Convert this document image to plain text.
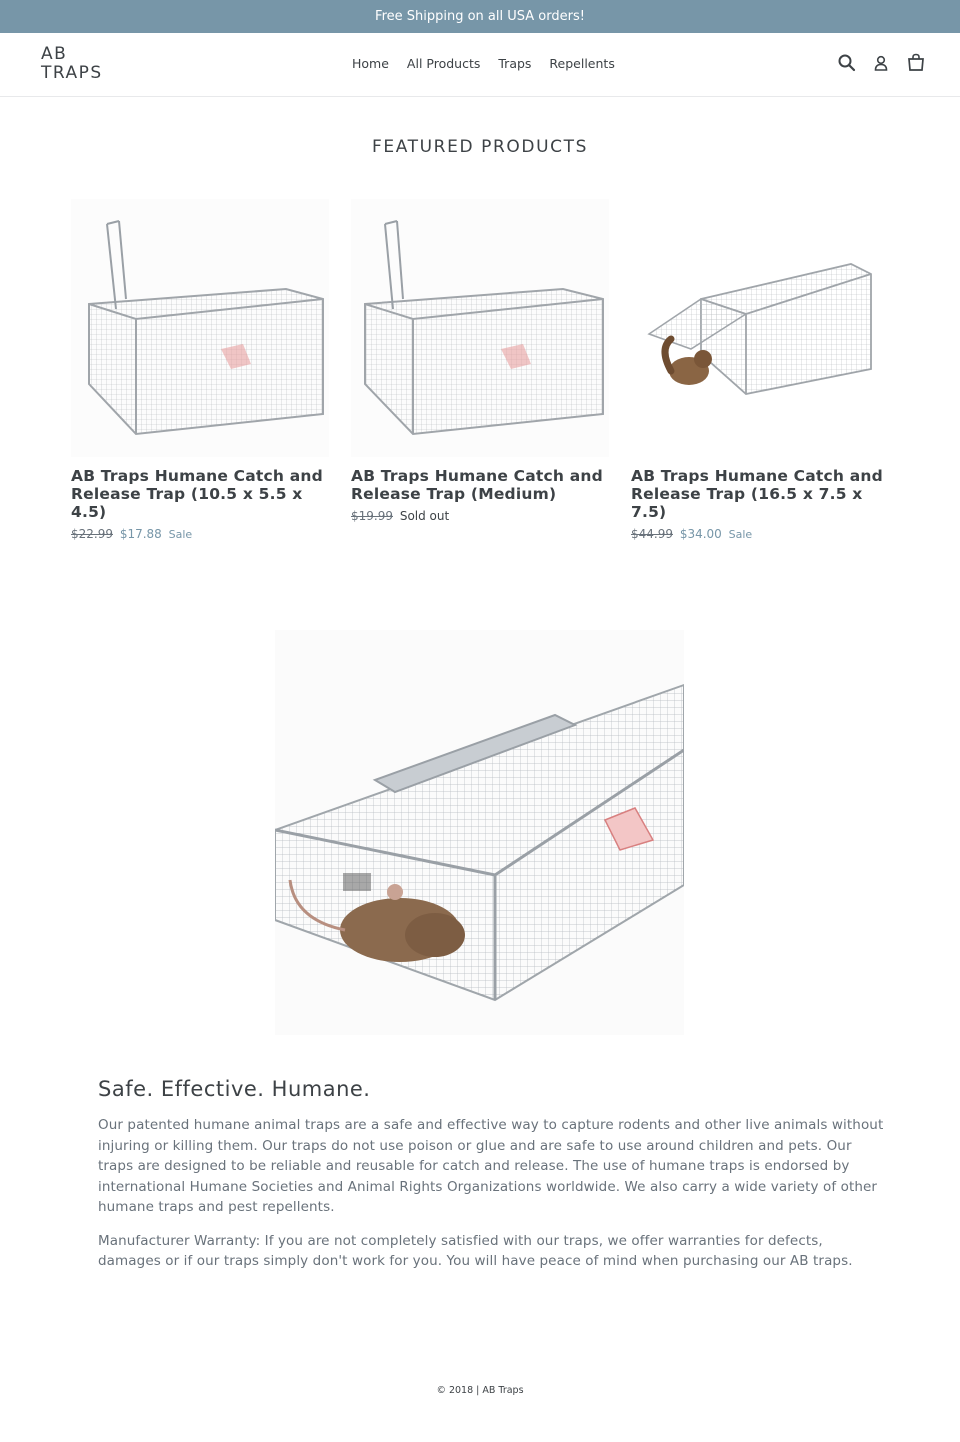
Free Shipping on all USA orders!
AB TRAPS	Home	All Products	Traps	Repellents
FEATURED PRODUCTS
AB Traps Humane Catch and Release Trap (10.5 x 5.5 x 4.5)
$22.99 $17.88 Sale
AB Traps Humane Catch and Release Trap (Medium)
$19.99 Sold out
AB Traps Humane Catch and Release Trap (16.5 x 7.5 x 7.5)
$44.99 $34.00 Sale
Safe. Effective. Humane.

Our patented humane animal traps are a safe and effective way to capture rodents and other live animals without injuring or killing them. Our traps do not use poison or glue and are safe to use around children and pets. Our traps are designed to be reliable and reusable for catch and release. The use of humane traps is endorsed by international Humane Societies and Animal Rights Organizations worldwide. We also carry a wide variety of other humane traps and pest repellents.

Manufacturer Warranty: If you are not completely satisfied with our traps, we offer warranties for defects, damages or if our traps simply don't work for you. You will have peace of mind when purchasing our AB traps.

© 2018 | AB Traps
